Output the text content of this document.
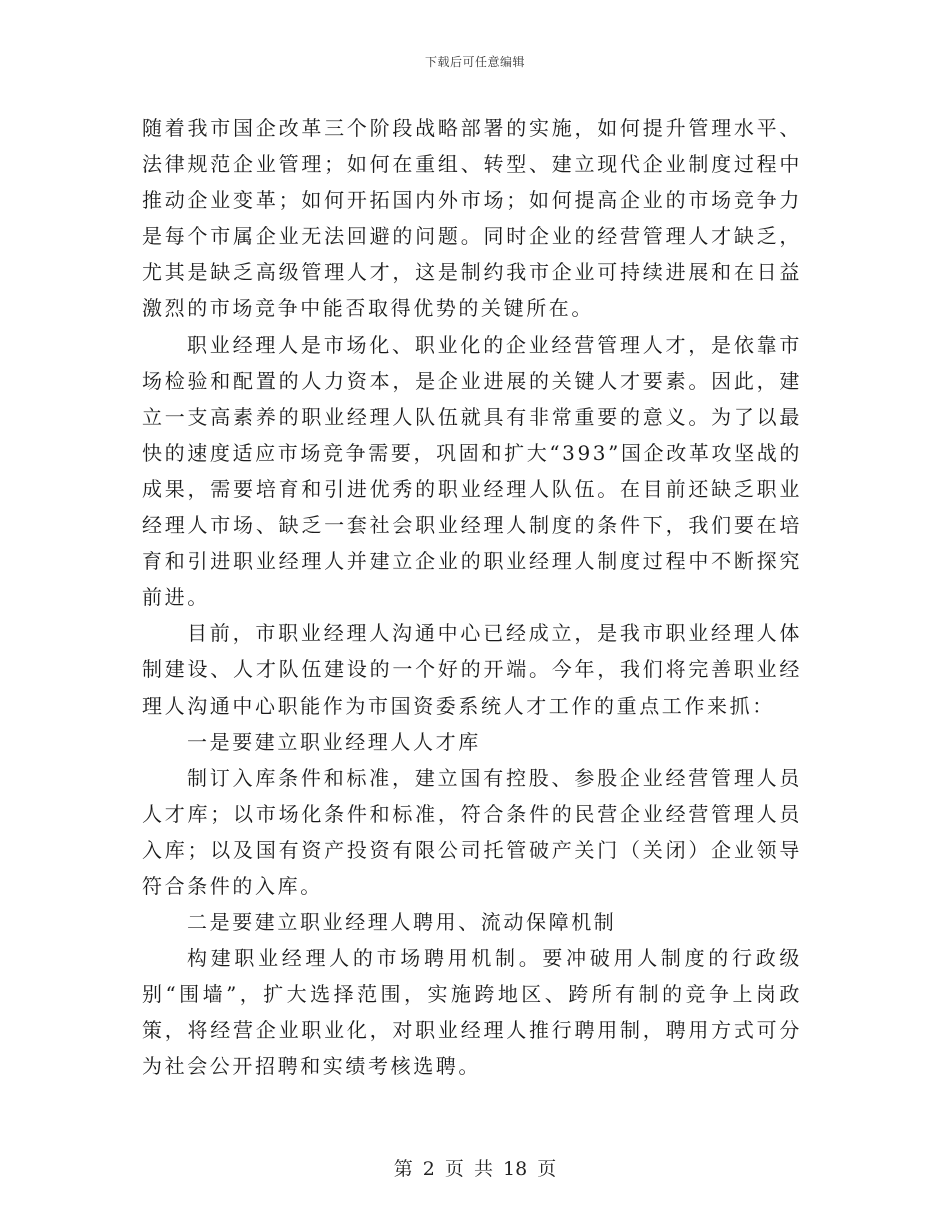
下载后可任意编辑

随着我市国企改革三个阶段战略部署的实施，如何提升管理水平、法律规范企业管理；如何在重组、转型、建立现代企业制度过程中推动企业变革；如何开拓国内外市场；如何提高企业的市场竞争力是每个市属企业无法回避的问题。同时企业的经营管理人才缺乏，尤其是缺乏高级管理人才，这是制约我市企业可持续进展和在日益激烈的市场竞争中能否取得优势的关键所在。

职业经理人是市场化、职业化的企业经营管理人才，是依靠市场检验和配置的人力资本，是企业进展的关键人才要素。因此，建立一支高素养的职业经理人队伍就具有非常重要的意义。为了以最快的速度适应市场竞争需要，巩固和扩大“393”国企改革攻坚战的成果，需要培育和引进优秀的职业经理人队伍。在目前还缺乏职业经理人市场、缺乏一套社会职业经理人制度的条件下，我们要在培育和引进职业经理人并建立企业的职业经理人制度过程中不断探究前进。

目前，市职业经理人沟通中心已经成立，是我市职业经理人体制建设、人才队伍建设的一个好的开端。今年，我们将完善职业经理人沟通中心职能作为市国资委系统人才工作的重点工作来抓：

一是要建立职业经理人人才库

制订入库条件和标准，建立国有控股、参股企业经营管理人员人才库；以市场化条件和标准，符合条件的民营企业经营管理人员入库；以及国有资产投资有限公司托管破产关门（关闭）企业领导符合条件的入库。

二是要建立职业经理人聘用、流动保障机制

构建职业经理人的市场聘用机制。要冲破用人制度的行政级别“围墙”，扩大选择范围，实施跨地区、跨所有制的竞争上岗政策，将经营企业职业化，对职业经理人推行聘用制，聘用方式可分为社会公开招聘和实绩考核选聘。

第 2 页 共 18 页
